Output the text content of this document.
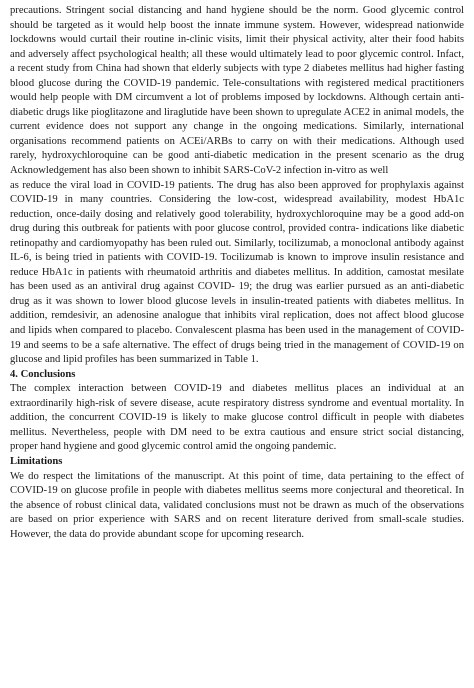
precautions. Stringent social distancing and hand hygiene should be the norm. Good glycemic control should be targeted as it would help boost the innate immune system. However, widespread nationwide lockdowns would curtail their routine in-clinic visits, limit their physical activity, alter their food habits and adversely affect psychological health; all these would ultimately lead to poor glycemic control. Infact, a recent study from China had shown that elderly subjects with type 2 diabetes mellitus had higher fasting blood glucose during the COVID-19 pandemic. Tele-consultations with registered medical practitioners would help people with DM circumvent a lot of problems imposed by lockdowns. Although certain anti-diabetic drugs like pioglitazone and liraglutide have been shown to upregulate ACE2 in animal models, the current evidence does not support any change in the ongoing medications. Similarly, international organisations recommend patients on ACEi/ARBs to carry on with their medications. Although used rarely, hydroxychloroquine can be good anti-diabetic medication in the present scenario as the drug Acknowledgement has also been shown to inhibit SARS-CoV-2 infection in-vitro as well

as reduce the viral load in COVID-19 patients. The drug has also been approved for prophylaxis against COVID-19 in many countries. Considering the low-cost, widespread availability, modest HbA1c reduction, once-daily dosing and relatively good tolerability, hydroxychloroquine may be a good add-on drug during this outbreak for patients with poor glucose control, provided contra- indications like diabetic retinopathy and cardiomyopathy has been ruled out. Similarly, tocilizumab, a monoclonal antibody against IL-6, is being tried in patients with COVID-19. Tocilizumab is known to improve insulin resistance and reduce HbA1c in patients with rheumatoid arthritis and diabetes mellitus. In addition, camostat mesilate has been used as an antiviral drug against COVID- 19; the drug was earlier pursued as an anti-diabetic drug as it was shown to lower blood glucose levels in insulin-treated patients with diabetes mellitus. In addition, remdesivir, an adenosine analogue that inhibits viral replication, does not affect blood glucose and lipids when compared to placebo. Convalescent plasma has been used in the management of COVID-19 and seems to be a safe alternative. The effect of drugs being tried in the management of COVID-19 on glucose and lipid profiles has been summarized in Table 1.

4. Conclusions

The complex interaction between COVID-19 and diabetes mellitus places an individual at an extraordinarily high-risk of severe disease, acute respiratory distress syndrome and eventual mortality. In addition, the concurrent COVID-19 is likely to make glucose control difficult in people with diabetes mellitus. Nevertheless, people with DM need to be extra cautious and ensure strict social distancing, proper hand hygiene and good glycemic control amid the ongoing pandemic.

Limitations

We do respect the limitations of the manuscript. At this point of time, data pertaining to the effect of COVID-19 on glucose profile in people with diabetes mellitus seems more conjectural and theoretical. In the absence of robust clinical data, validated conclusions must not be drawn as much of the observations are based on prior experience with SARS and on recent literature derived from small-scale studies. However, the data do provide abundant scope for upcoming research.
